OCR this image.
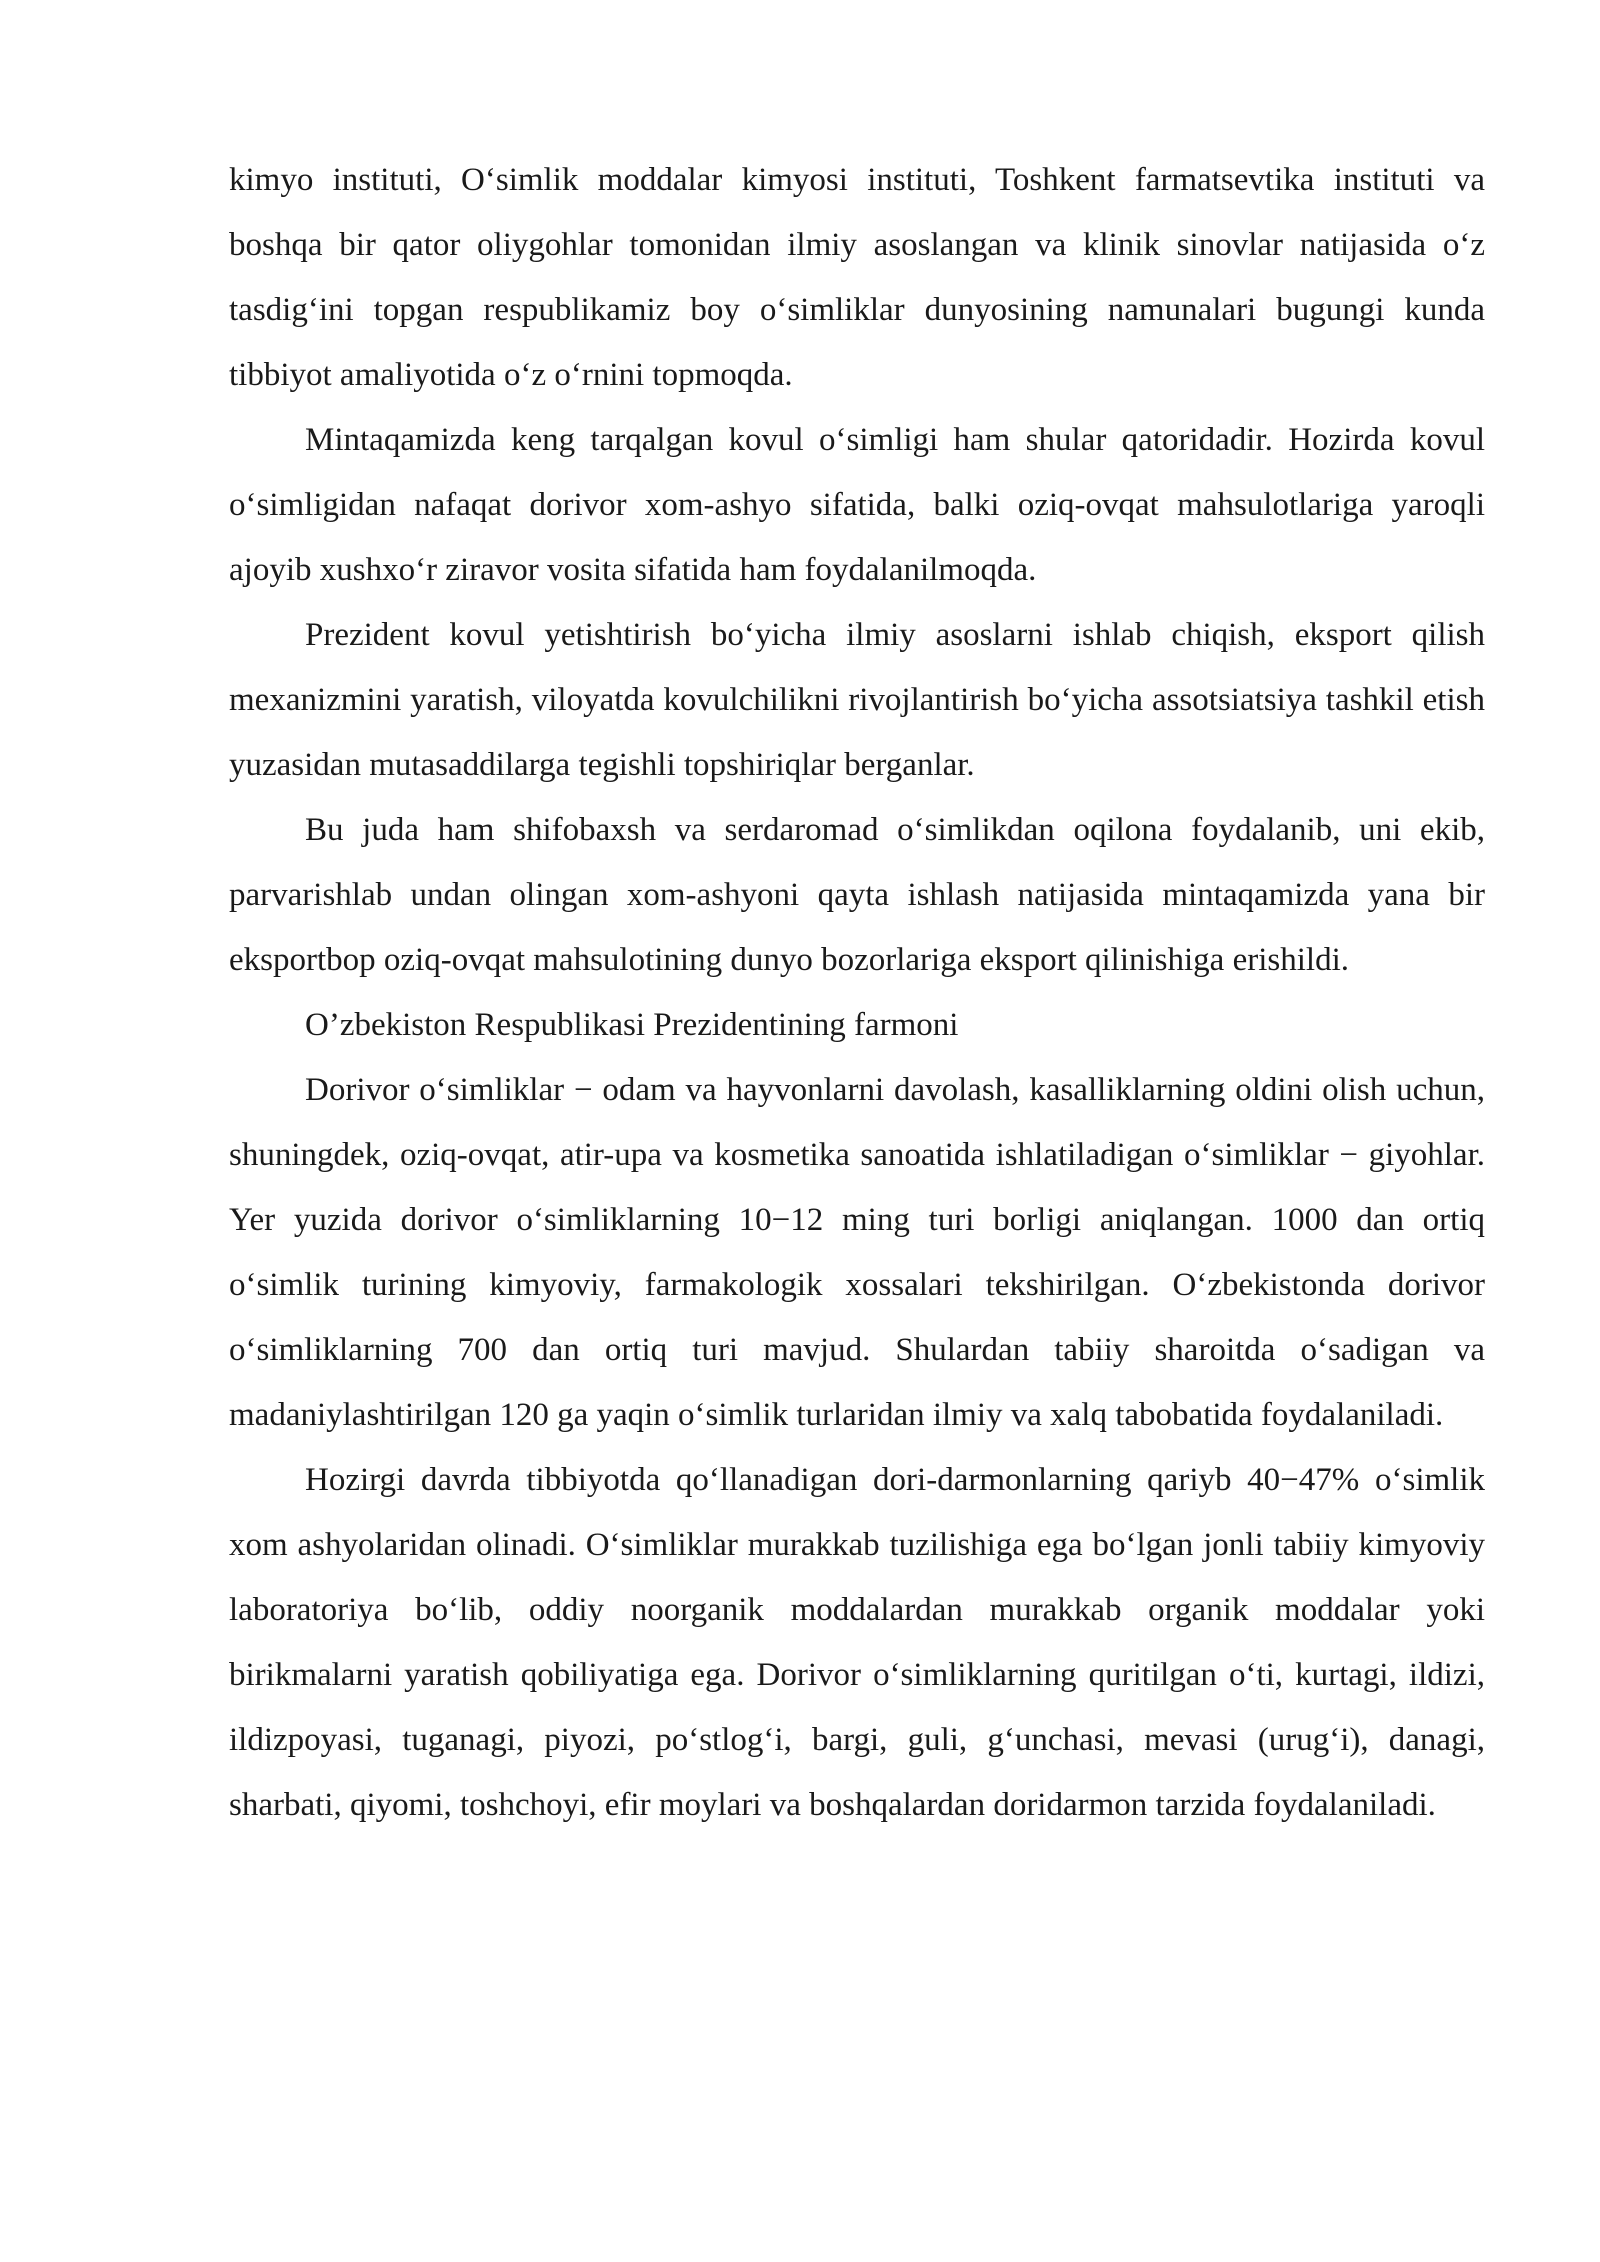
kimyo instituti, O‘simlik moddalar kimyosi instituti, Toshkent farmatsevtika instituti va boshqa bir qator oliygohlar tomonidan ilmiy asoslangan va klinik sinovlar natijasida o‘z tasdig‘ini topgan respublikamiz boy o‘simliklar dunyosining namunalari bugungi kunda tibbiyot amaliyotida o‘z o‘rnini topmoqda.

Mintaqamizda keng tarqalgan kovul o‘simligi ham shular qatoridadir. Hozirda kovul o‘simligidan nafaqat dorivor xom-ashyo sifatida, balki oziq-ovqat mahsulotlariga yaroqli ajoyib xushxo‘r ziravor vosita sifatida ham foydalanilmoqda.

Prezident kovul yetishtirish bo‘yicha ilmiy asoslarni ishlab chiqish, eksport qilish mexanizmini yaratish, viloyatda kovulchilikni rivojlantirish bo‘yicha assotsiatsiya tashkil etish yuzasidan mutasaddilarga tegishli topshiriqlar berganlar.

Bu juda ham shifobaxsh va serdaromad o‘simlikdan oqilona foydalanib, uni ekib, parvarishlab undan olingan xom-ashyoni qayta ishlash natijasida mintaqamizda yana bir eksportbop oziq-ovqat mahsulotining dunyo bozorlariga eksport qilinishiga erishildi.

O’zbekiston Respublikasi Prezidentining farmoni

Dorivor o‘simliklar − odam va hayvonlarni davolash, kasalliklarning oldini olish uchun, shuningdek, oziq-ovqat, atir-upa va kosmetika sanoatida ishlatiladigan o‘simliklar − giyohlar. Yer yuzida dorivor o‘simliklarning 10−12 ming turi borligi aniqlangan. 1000 dan ortiq o‘simlik turining kimyoviy, farmakologik xossalari tekshirilgan. O‘zbekistonda dorivor o‘simliklarning 700 dan ortiq turi mavjud. Shulardan tabiiy sharoitda o‘sadigan va madaniylashtirilgan 120 ga yaqin o‘simlik turlaridan ilmiy va xalq tabobatida foydalaniladi.

Hozirgi davrda tibbiyotda qo‘llanadigan dori-darmonlarning qariyb 40−47% o‘simlik xom ashyolaridan olinadi. O‘simliklar murakkab tuzilishiga ega bo‘lgan jonli tabiiy kimyoviy laboratoriya bo‘lib, oddiy noorganik moddalardan murakkab organik moddalar yoki birikmalarni yaratish qobiliyatiga ega. Dorivor o‘simliklarning quritilgan o‘ti, kurtagi, ildizi, ildizpoyasi, tuganagi, piyozi, po‘stlog‘i, bargi, guli, g‘unchasi, mevasi (urug‘i), danagi, sharbati, qiyomi, toshchoyi, efir moylari va boshqalardan doridarmon tarzida foydalaniladi.
